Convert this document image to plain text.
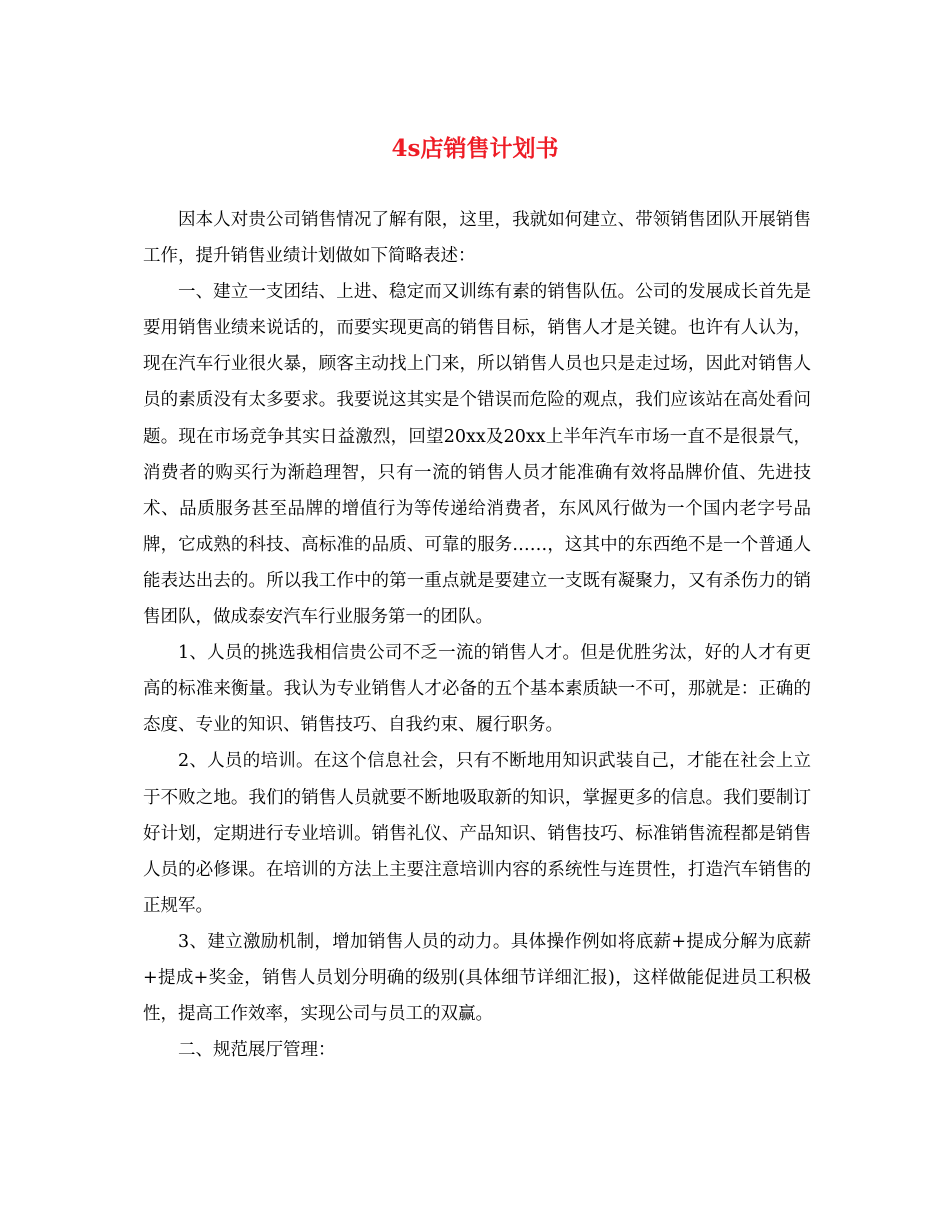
4s店销售计划书

因本人对贵公司销售情况了解有限，这里，我就如何建立、带领销售团队开展销售工作，提升销售业绩计划做如下简略表述：

一、建立一支团结、上进、稳定而又训练有素的销售队伍。公司的发展成长首先是要用销售业绩来说话的，而要实现更高的销售目标，销售人才是关键。也许有人认为，现在汽车行业很火暴，顾客主动找上门来，所以销售人员也只是走过场，因此对销售人员的素质没有太多要求。我要说这其实是个错误而危险的观点，我们应该站在高处看问题。现在市场竞争其实日益激烈，回望20xx及20xx上半年汽车市场一直不是很景气，消费者的购买行为渐趋理智，只有一流的销售人员才能准确有效将品牌价值、先进技术、品质服务甚至品牌的增值行为等传递给消费者，东风风行做为一个国内老字号品牌，它成熟的科技、高标准的品质、可靠的服务……，这其中的东西绝不是一个普通人能表达出去的。所以我工作中的第一重点就是要建立一支既有凝聚力，又有杀伤力的销售团队，做成泰安汽车行业服务第一的团队。

1、人员的挑选我相信贵公司不乏一流的销售人才。但是优胜劣汰，好的人才有更高的标准来衡量。我认为专业销售人才必备的五个基本素质缺一不可，那就是：正确的态度、专业的知识、销售技巧、自我约束、履行职务。

2、人员的培训。在这个信息社会，只有不断地用知识武装自己，才能在社会上立于不败之地。我们的销售人员就要不断地吸取新的知识，掌握更多的信息。我们要制订好计划，定期进行专业培训。销售礼仪、产品知识、销售技巧、标准销售流程都是销售人员的必修课。在培训的方法上主要注意培训内容的系统性与连贯性，打造汽车销售的正规军。

3、建立激励机制，增加销售人员的动力。具体操作例如将底薪+提成分解为底薪+提成+奖金，销售人员划分明确的级别(具体细节详细汇报)，这样做能促进员工积极性，提高工作效率，实现公司与员工的双赢。

二、规范展厅管理：
